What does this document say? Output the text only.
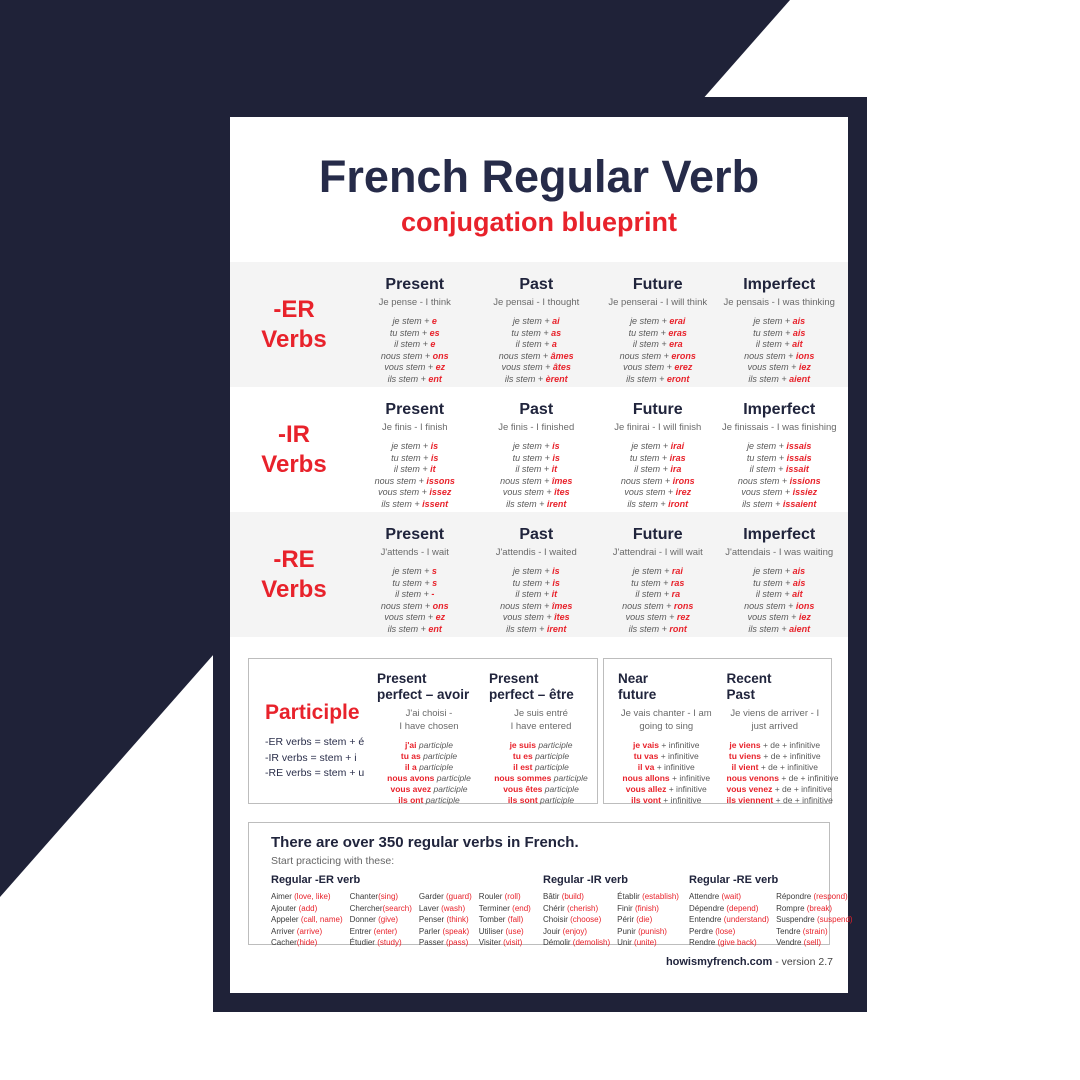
French Regular Verb
conjugation blueprint
-ER
Verbs
Present
Je pense - I think
je stem + e
tu stem + es
il stem + e
nous stem + ons
vous stem + ez
ils stem + ent
Past
Je pensai - I thought
je stem + ai
tu stem + as
il stem + a
nous stem + âmes
vous stem + âtes
ils stem + èrent
Future
Je penserai - I will think
je stem + erai
tu stem + eras
il stem + era
nous stem + erons
vous stem + erez
ils stem + eront
Imperfect
Je pensais - I was thinking
je stem + ais
tu stem + ais
il stem + ait
nous stem + ions
vous stem + iez
ils stem + aient
-IR
Verbs
Present
Je finis - I finish
je stem + is
tu stem + is
il stem + it
nous stem + issons
vous stem + issez
ils stem + issent
Past
Je finis - I finished
je stem + is
tu stem + is
il stem + it
nous stem + îmes
vous stem + îtes
ils stem + irent
Future
Je finirai - I will finish
je stem + irai
tu stem + iras
il stem + ira
nous stem + irons
vous stem + irez
ils stem + iront
Imperfect
Je finissais - I was finishing
je stem + issais
tu stem + issais
il stem + issait
nous stem + issions
vous stem + issiez
ils stem + issaient
-RE
Verbs
Present
J'attends - I wait
je stem + s
tu stem + s
il stem + -
nous stem + ons
vous stem + ez
ils stem + ent
Past
J'attendis - I waited
je stem + is
tu stem + is
il stem + it
nous stem + îmes
vous stem + îtes
ils stem + irent
Future
J'attendrai - I will wait
je stem + rai
tu stem + ras
il stem + ra
nous stem + rons
vous stem + rez
ils stem + ront
Imperfect
J'attendais - I was waiting
je stem + ais
tu stem + ais
il stem + ait
nous stem + ions
vous stem + iez
ils stem + aient
Participle
-ER verbs = stem + é
-IR verbs = stem + i
-RE verbs = stem + u
Present
perfect – avoir
J'ai choisi -
I have chosen
j'ai participle
tu as participle
il a participle
nous avons participle
vous avez participle
ils ont participle
Present
perfect – être
Je suis entré
I have entered
je suis participle
tu es participle
il est participle
nous sommes participle
vous êtes participle
ils sont participle
Near
future
Je vais chanter - I am
going to sing
je vais + infinitive
tu vas + infinitive
il va + infinitive
nous allons + infinitive
vous allez + infinitive
ils vont + infinitive
Recent
Past
Je viens de arriver - I
just arrived
je viens + de + infinitive
tu viens + de + infinitive
il vient + de + infinitive
nous venons + de + infinitive
vous venez + de + infinitive
ils viennent + de + infinitive
There are over 350 regular verbs in French.
Start practicing with these:
Regular -ER verb
Aimer (love, like)
Ajouter (add)
Appeler (call, name)
Arriver (arrive)
Cacher(hide)
Chanter(sing)
Chercher(search)
Donner (give)
Entrer (enter)
Étudier (study)
Garder (guard)
Laver (wash)
Penser (think)
Parler (speak)
Passer (pass)
Rouler (roll)
Terminer (end)
Tomber (fall)
Utiliser (use)
Visiter (visit)
Regular -IR verb
Bâtir (build)
Chérir (cherish)
Choisir (choose)
Jouir (enjoy)
Démolir (demolish)
Établir (establish)
Finir (finish)
Périr (die)
Punir (punish)
Unir (unite)
Regular -RE verb
Attendre (wait)
Dépendre (depend)
Entendre (understand)
Perdre (lose)
Rendre (give back)
Répondre (respond)
Rompre (break)
Suspendre (suspend)
Tendre (strain)
Vendre (sell)
howismyfrench.com - version 2.7
